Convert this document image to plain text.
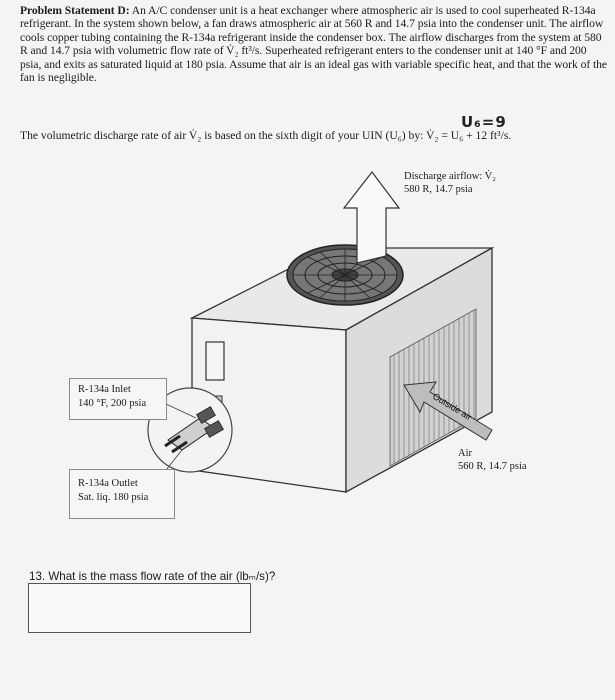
Problem Statement D: An A/C condenser unit is a heat exchanger where atmospheric air is used to cool superheated R-134a refrigerant. In the system shown below, a fan draws atmospheric air at 560 R and 14.7 psia into the condenser unit. The airflow cools copper tubing containing the R-134a refrigerant inside the condenser box. The airflow discharges from the system at 580 R and 14.7 psia with volumetric flow rate of V̇₂ ft³/s. Superheated refrigerant enters to the condenser unit at 140 °F and 200 psia, and exits as saturated liquid at 180 psia. Assume that air is an ideal gas with variable specific heat, and that the work of the fan is negligible.
U₆=9
The volumetric discharge rate of air V̇₂ is based on the sixth digit of your UIN (U₆) by: V̇₂ = U₆ + 12 ft³/s.
Outside air
Discharge airflow: V̇₂
580 R, 14.7 psia
R-134a Inlet
140 °F, 200 psia
R-134a Outlet
Sat. liq. 180 psia
Air
560 R, 14.7 psia
13. What is the mass flow rate of the air (lbₘ/s)?
